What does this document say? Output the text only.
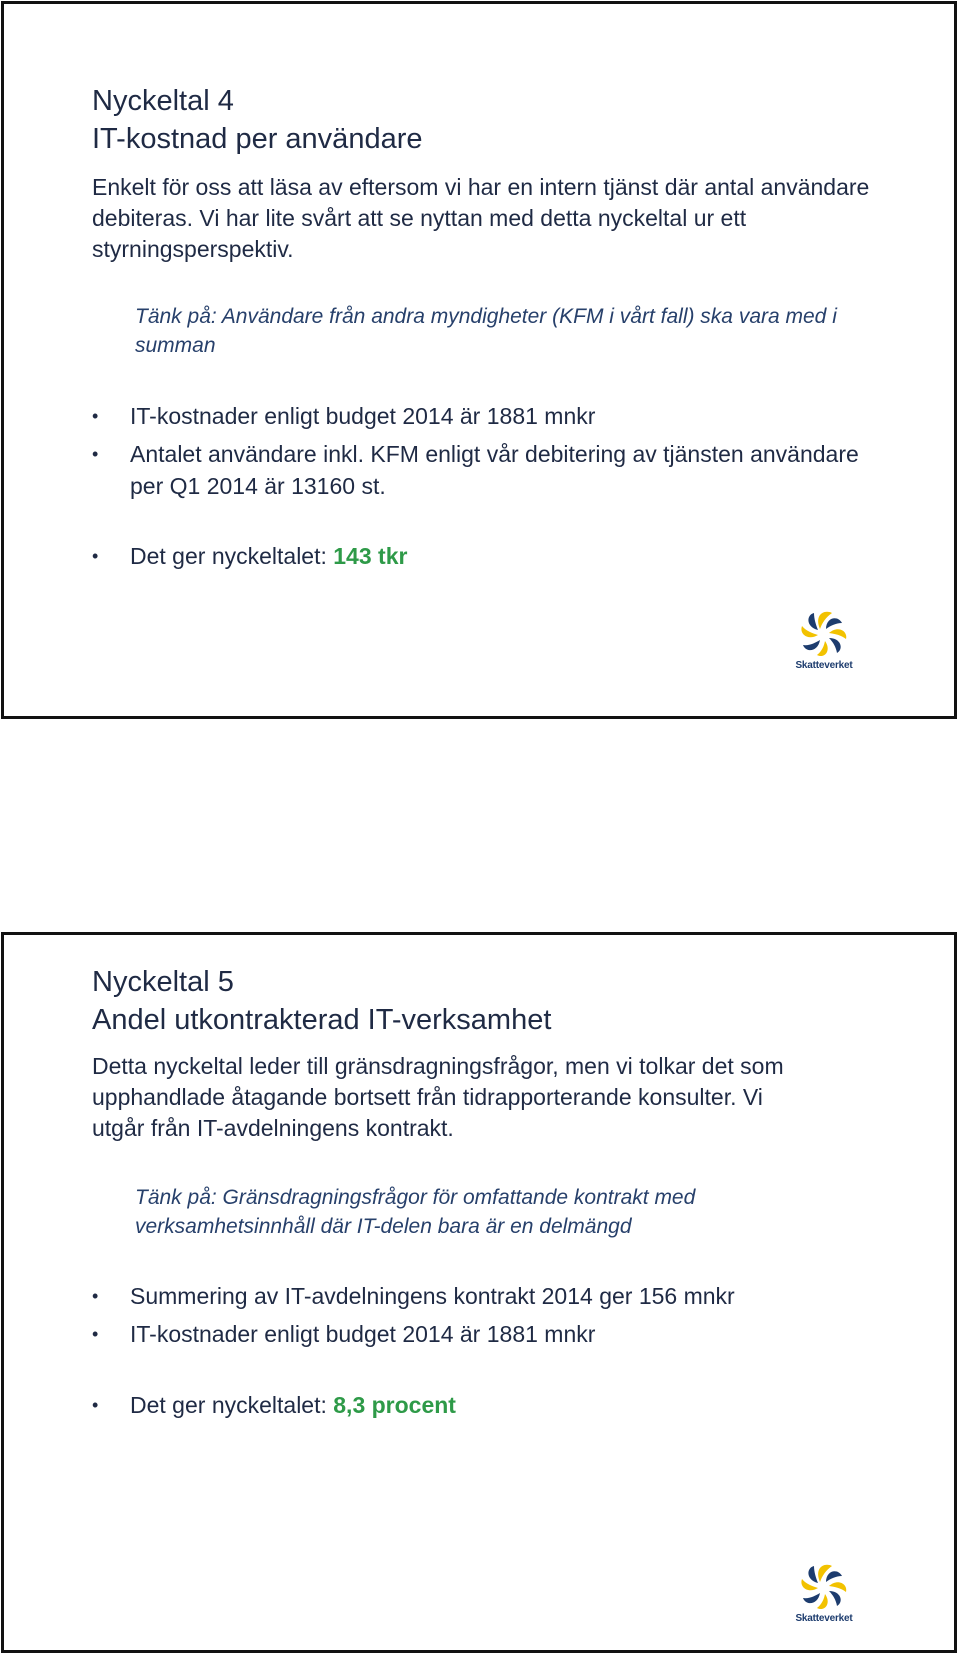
Nyckeltal 4
IT-kostnad per användare

Enkelt för oss att läsa av eftersom vi har en intern tjänst där antal användare debiteras. Vi har lite svårt att se nyttan med detta nyckeltal ur ett styrningsperspektiv.

Tänk på: Användare från andra myndigheter (KFM i vårt fall) ska vara med i summan

• IT-kostnader enligt budget 2014 är 1881 mnkr
• Antalet användare inkl. KFM enligt vår debitering av tjänsten användare per Q1 2014 är 13160 st.
• Det ger nyckeltalet: 143 tkr
Skatteverket
Nyckeltal 5
Andel utkontrakterad IT-verksamhet

Detta nyckeltal leder till gränsdragningsfrågor, men vi tolkar det som upphandlade åtagande bortsett från tidrapporterande konsulter. Vi utgår från IT-avdelningens kontrakt.

Tänk på: Gränsdragningsfrågor för omfattande kontrakt med verksamhetsinnhåll där IT-delen bara är en delmängd

• Summering av IT-avdelningens kontrakt 2014 ger 156 mnkr
• IT-kostnader enligt budget 2014 är 1881 mnkr
• Det ger nyckeltalet: 8,3 procent
Skatteverket
